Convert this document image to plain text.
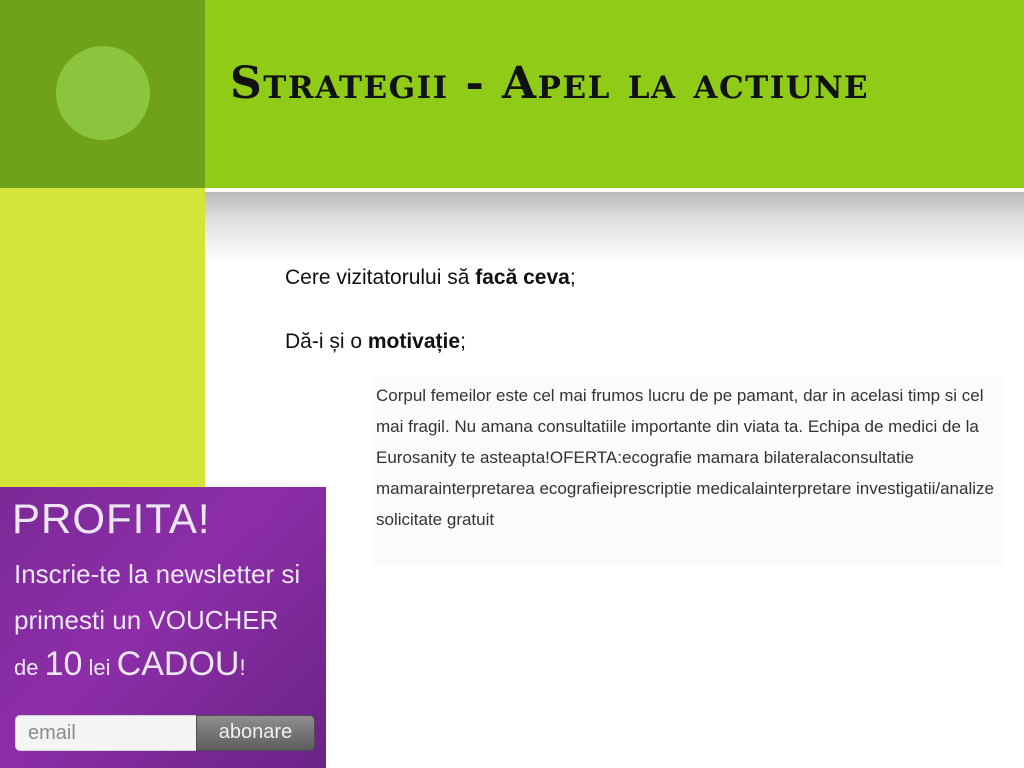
Strategii - Apel la actiune
Cere vizitatorului să facă ceva;
Dă-i și o motivație;
Corpul femeilor este cel mai frumos lucru de pe pamant, dar in acelasi timp si cel mai fragil. Nu amana consultatiile importante din viata ta. Echipa de medici de la Eurosanity te asteapta!OFERTA:ecografie mamara bilateralaconsultatie mamarainterpretarea ecografieiprescriptie medicalainterpretare investigatii/analize solicitate gratuit
PROFITA!
Inscrie-te la newsletter si
primesti un VOUCHER
de 10 lei CADOU!
email	abonare
